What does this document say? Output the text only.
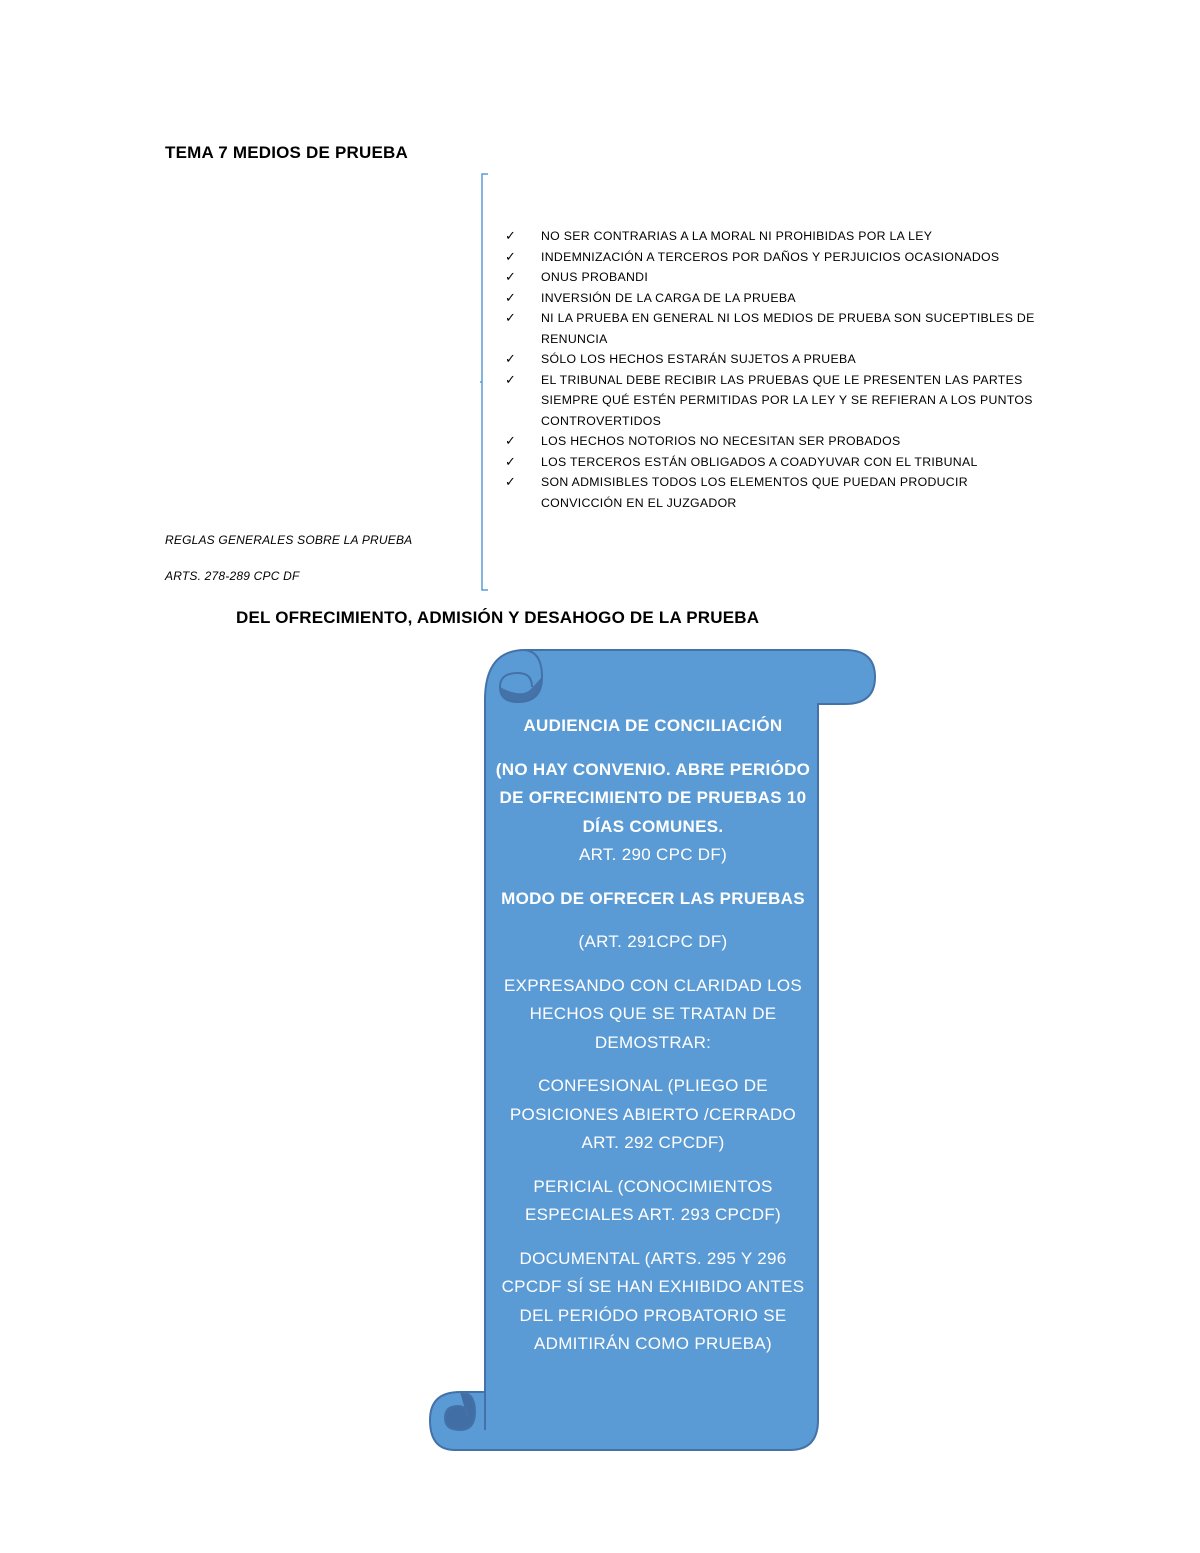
TEMA 7 MEDIOS DE PRUEBA
✓ NO SER CONTRARIAS A LA MORAL NI PROHIBIDAS POR LA LEY
✓ INDEMNIZACIÓN A TERCEROS POR DAÑOS Y PERJUICIOS OCASIONADOS
✓ ONUS PROBANDI
✓ INVERSIÓN DE LA CARGA DE LA PRUEBA
✓ NI LA PRUEBA EN GENERAL NI LOS MEDIOS DE PRUEBA SON SUCEPTIBLES DE RENUNCIA
✓ SÓLO LOS HECHOS ESTARÁN SUJETOS A PRUEBA
✓ EL TRIBUNAL DEBE RECIBIR LAS PRUEBAS QUE LE PRESENTEN LAS PARTES SIEMPRE QUÉ ESTÉN PERMITIDAS POR LA LEY Y SE REFIERAN A LOS PUNTOS CONTROVERTIDOS
✓ LOS HECHOS NOTORIOS NO NECESITAN SER PROBADOS
✓ LOS TERCEROS ESTÁN OBLIGADOS A COADYUVAR CON EL TRIBUNAL
✓ SON ADMISIBLES TODOS LOS ELEMENTOS QUE PUEDAN PRODUCIR CONVICCIÓN EN EL JUZGADOR
REGLAS GENERALES SOBRE LA PRUEBA
ARTS. 278-289 CPC DF
DEL OFRECIMIENTO, ADMISIÓN Y DESAHOGO DE LA PRUEBA

AUDIENCIA DE CONCILIACIÓN

(NO HAY CONVENIO. ABRE PERIÓDO DE OFRECIMIENTO DE PRUEBAS 10 DÍAS COMUNES.
ART. 290 CPC DF)

MODO DE OFRECER LAS PRUEBAS

(ART. 291CPC DF)

EXPRESANDO CON CLARIDAD LOS HECHOS QUE SE TRATAN DE DEMOSTRAR:

CONFESIONAL (PLIEGO DE POSICIONES ABIERTO /CERRADO ART. 292 CPCDF)

PERICIAL (CONOCIMIENTOS ESPECIALES ART. 293 CPCDF)

DOCUMENTAL (ARTS. 295 Y 296 CPCDF SÍ SE HAN EXHIBIDO ANTES DEL PERIÓDO PROBATORIO SE ADMITIRÁN COMO PRUEBA)
